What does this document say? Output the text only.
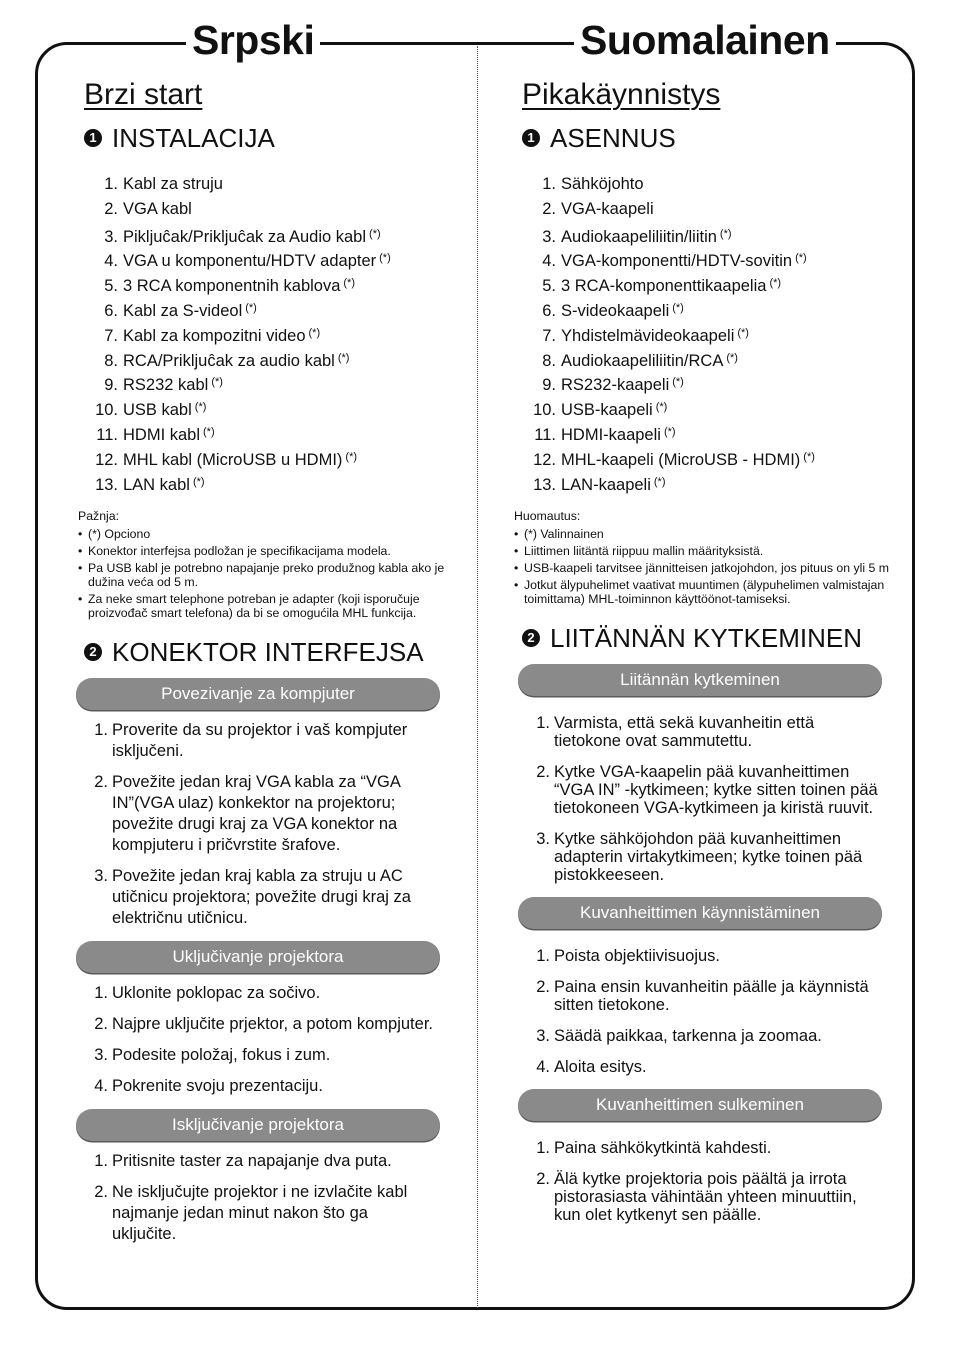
Srpski	Suomalainen
Brzi start
1 INSTALACIJA
1. Kabl za struju
2. VGA kabl
3. Pikljuĉak/Prikljuĉak za Audio kabl (*)
4. VGA u komponentu/HDTV adapter (*)
5. 3 RCA komponentnih kablova (*)
6. Kabl za S-videol (*)
7. Kabl za kompozitni video (*)
8. RCA/Prikljuĉak za audio kabl (*)
9. RS232 kabl (*)
10. USB kabl (*)
11. HDMI kabl (*)
12. MHL kabl (MicroUSB u HDMI) (*)
13. LAN kabl (*)
Pažnja:
• (*) Opciono
• Konektor interfejsa podložan je specifikacijama modela.
• Pa USB kabl je potrebno napajanje preko produžnog kabla ako je dužina veća od 5 m.
• Za neke smart telephone potreban je adapter (koji isporučuje proizvođač smart telefona) da bi se omogućila MHL funkcija.
2 KONEKTOR INTERFEJSA
Povezivanje za kompjuter
1. Proverite da su projektor i vaš kompjuter isključeni.
2. Povežite jedan kraj VGA kabla za “VGA IN”(VGA ulaz) konkektor na projektoru; povežite drugi kraj za VGA konektor na kompjuteru i pričvrstite šrafove.
3. Povežite jedan kraj kabla za struju u AC utičnicu projektora; povežite drugi kraj za električnu utičnicu.
Uključivanje projektora
1. Uklonite poklopac za sočivo.
2. Najpre uključite prjektor, a potom kompjuter.
3. Podesite položaj, fokus i zum.
4. Pokrenite svoju prezentaciju.
Isključivanje projektora
1. Pritisnite taster za napajanje dva puta.
2. Ne isključujte projektor i ne izvlačite kabl najmanje jedan minut nakon što ga uključite.
Pikakäynnistys
1 ASENNUS
1. Sähköjohto
2. VGA-kaapeli
3. Audiokaapeliliitin/liitin (*)
4. VGA-komponentti/HDTV-sovitin (*)
5. 3 RCA-komponenttikaapelia (*)
6. S-videokaapeli (*)
7. Yhdistelmävideokaapeli (*)
8. Audiokaapeliliitin/RCA (*)
9. RS232-kaapeli (*)
10. USB-kaapeli (*)
11. HDMI-kaapeli (*)
12. MHL-kaapeli (MicroUSB - HDMI) (*)
13. LAN-kaapeli (*)
Huomautus:
• (*) Valinnainen
• Liittimen liitäntä riippuu mallin määrityksistä.
• USB-kaapeli tarvitsee jännitteisen jatkojohdon, jos pituus on yli 5 m
• Jotkut älypuhelimet vaativat muuntimen (älypuhelimen valmistajan toimittama) MHL-toiminnon käyttöönot-tamiseksi.
2 LIITÄNNÄN KYTKEMINEN
Liitännän kytkeminen
1. Varmista, että sekä kuvanheitin että tietokone ovat sammutettu.
2. Kytke VGA-kaapelin pää kuvanheittimen “VGA IN” -kytkimeen; kytke sitten toinen pää tietokoneen VGA-kytkimeen ja kiristä ruuvit.
3. Kytke sähköjohdon pää kuvanheittimen adapterin virtakytkimeen; kytke toinen pää pistokkeeseen.
Kuvanheittimen käynnistäminen
1. Poista objektiivisuojus.
2. Paina ensin kuvanheitin päälle ja käynnistä sitten tietokone.
3. Säädä paikkaa, tarkenna ja zoomaa.
4. Aloita esitys.
Kuvanheittimen sulkeminen
1. Paina sähkökytkintä kahdesti.
2. Älä kytke projektoria pois päältä ja irrota pistorasiasta vähintään yhteen minuuttiin, kun olet kytkenyt sen päälle.
